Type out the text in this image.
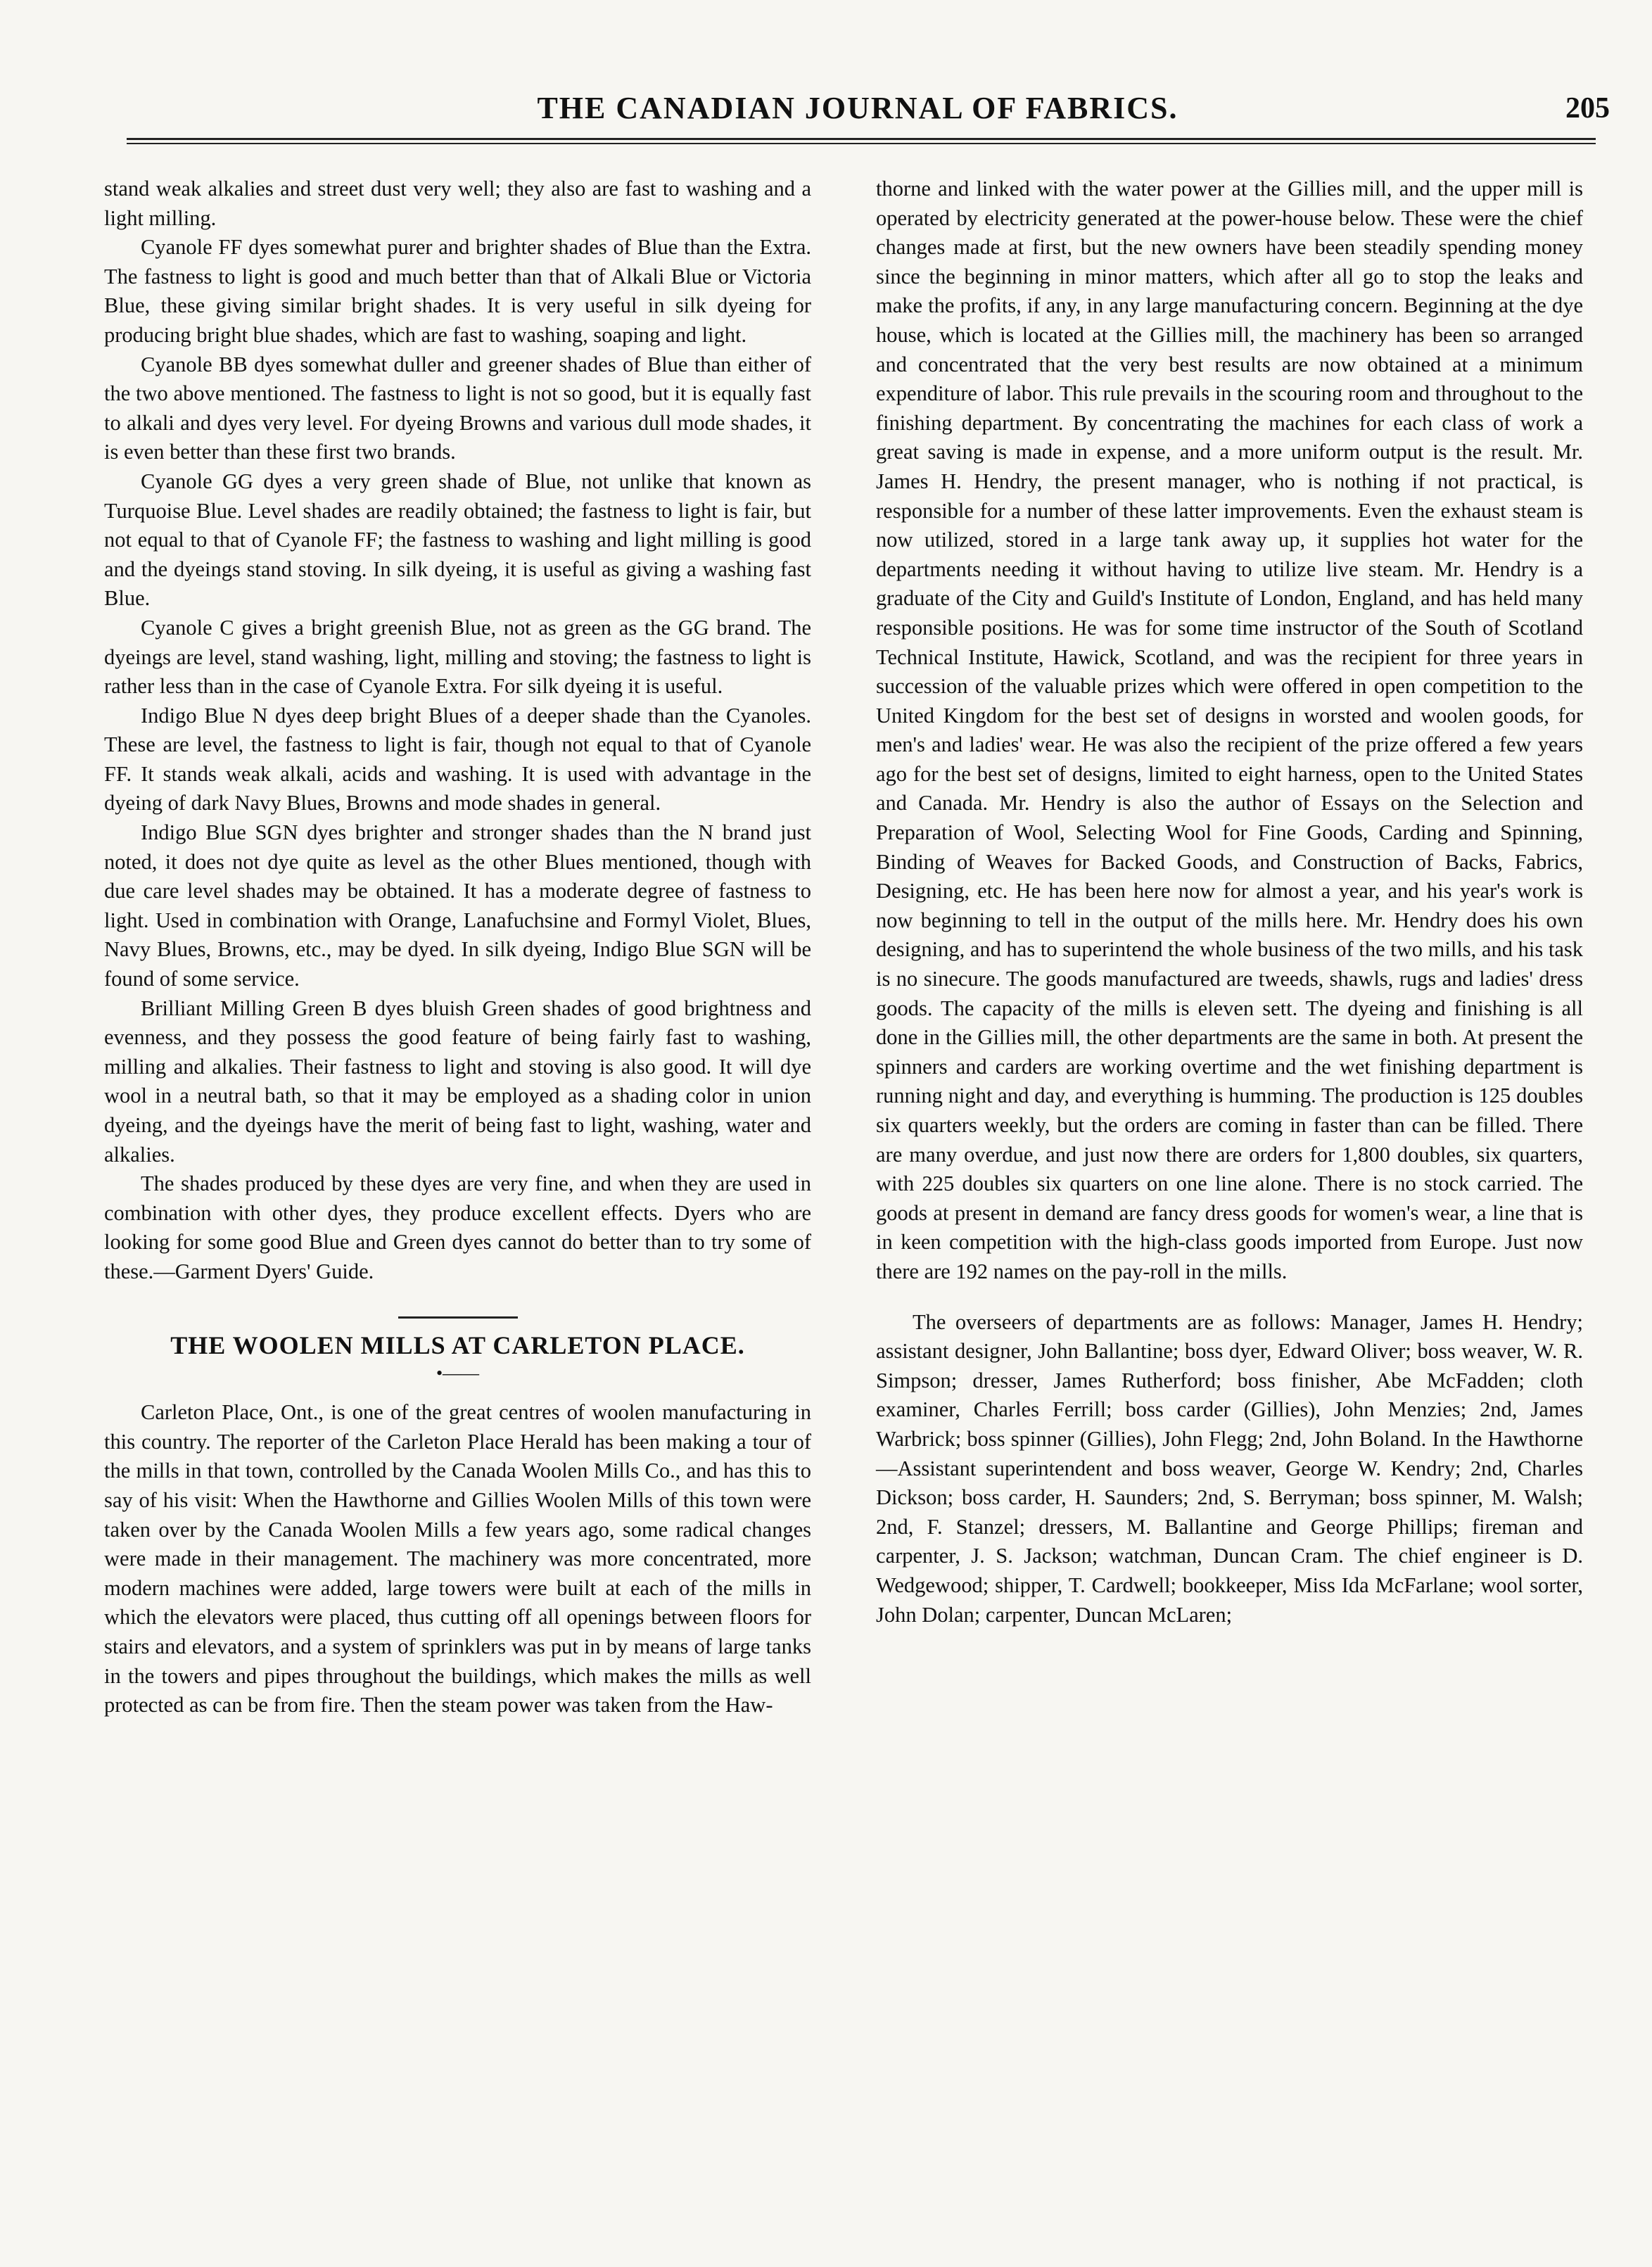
THE CANADIAN JOURNAL OF FABRICS.	205

stand weak alkalies and street dust very well; they also are fast to washing and a light milling.

Cyanole FF dyes somewhat purer and brighter shades of Blue than the Extra. The fastness to light is good and much better than that of Alkali Blue or Victoria Blue, these giving similar bright shades. It is very useful in silk dyeing for producing bright blue shades, which are fast to washing, soaping and light.

Cyanole BB dyes somewhat duller and greener shades of Blue than either of the two above mentioned. The fastness to light is not so good, but it is equally fast to alkali and dyes very level. For dyeing Browns and various dull mode shades, it is even better than these first two brands.

Cyanole GG dyes a very green shade of Blue, not unlike that known as Turquoise Blue. Level shades are readily obtained; the fastness to light is fair, but not equal to that of Cyanole FF; the fastness to washing and light milling is good and the dyeings stand stoving. In silk dyeing, it is useful as giving a washing fast Blue.

Cyanole C gives a bright greenish Blue, not as green as the GG brand. The dyeings are level, stand washing, light, milling and stoving; the fastness to light is rather less than in the case of Cyanole Extra. For silk dyeing it is useful.

Indigo Blue N dyes deep bright Blues of a deeper shade than the Cyanoles. These are level, the fastness to light is fair, though not equal to that of Cyanole FF. It stands weak alkali, acids and washing. It is used with advantage in the dyeing of dark Navy Blues, Browns and mode shades in general.

Indigo Blue SGN dyes brighter and stronger shades than the N brand just noted, it does not dye quite as level as the other Blues mentioned, though with due care level shades may be obtained. It has a moderate degree of fastness to light. Used in combination with Orange, Lanafuchsine and Formyl Violet, Blues, Navy Blues, Browns, etc., may be dyed. In silk dyeing, Indigo Blue SGN will be found of some service.

Brilliant Milling Green B dyes bluish Green shades of good brightness and evenness, and they possess the good feature of being fairly fast to washing, milling and alkalies. Their fastness to light and stoving is also good. It will dye wool in a neutral bath, so that it may be employed as a shading color in union dyeing, and the dyeings have the merit of being fast to light, washing, water and alkalies.

The shades produced by these dyes are very fine, and when they are used in combination with other dyes, they produce excellent effects. Dyers who are looking for some good Blue and Green dyes cannot do better than to try some of these.—Garment Dyers' Guide.

THE WOOLEN MILLS AT CARLETON PLACE.
•——

Carleton Place, Ont., is one of the great centres of woolen manufacturing in this country. The reporter of the Carleton Place Herald has been making a tour of the mills in that town, controlled by the Canada Woolen Mills Co., and has this to say of his visit: When the Hawthorne and Gillies Woolen Mills of this town were taken over by the Canada Woolen Mills a few years ago, some radical changes were made in their management. The machinery was more concentrated, more modern machines were added, large towers were built at each of the mills in which the elevators were placed, thus cutting off all openings between floors for stairs and elevators, and a system of sprinklers was put in by means of large tanks in the towers and pipes throughout the buildings, which makes the mills as well protected as can be from fire. Then the steam power was taken from the Haw-

thorne and linked with the water power at the Gillies mill, and the upper mill is operated by electricity generated at the power-house below. These were the chief changes made at first, but the new owners have been steadily spending money since the beginning in minor matters, which after all go to stop the leaks and make the profits, if any, in any large manufacturing concern. Beginning at the dye house, which is located at the Gillies mill, the machinery has been so arranged and concentrated that the very best results are now obtained at a minimum expenditure of labor. This rule prevails in the scouring room and throughout to the finishing department. By concentrating the machines for each class of work a great saving is made in expense, and a more uniform output is the result. Mr. James H. Hendry, the present manager, who is nothing if not practical, is responsible for a number of these latter improvements. Even the exhaust steam is now utilized, stored in a large tank away up, it supplies hot water for the departments needing it without having to utilize live steam. Mr. Hendry is a graduate of the City and Guild's Institute of London, England, and has held many responsible positions. He was for some time instructor of the South of Scotland Technical Institute, Hawick, Scotland, and was the recipient for three years in succession of the valuable prizes which were offered in open competition to the United Kingdom for the best set of designs in worsted and woolen goods, for men's and ladies' wear. He was also the recipient of the prize offered a few years ago for the best set of designs, limited to eight harness, open to the United States and Canada. Mr. Hendry is also the author of Essays on the Selection and Preparation of Wool, Selecting Wool for Fine Goods, Carding and Spinning, Binding of Weaves for Backed Goods, and Construction of Backs, Fabrics, Designing, etc. He has been here now for almost a year, and his year's work is now beginning to tell in the output of the mills here. Mr. Hendry does his own designing, and has to superintend the whole business of the two mills, and his task is no sinecure. The goods manufactured are tweeds, shawls, rugs and ladies' dress goods. The capacity of the mills is eleven sett. The dyeing and finishing is all done in the Gillies mill, the other departments are the same in both. At present the spinners and carders are working overtime and the wet finishing department is running night and day, and everything is humming. The production is 125 doubles six quarters weekly, but the orders are coming in faster than can be filled. There are many overdue, and just now there are orders for 1,800 doubles, six quarters, with 225 doubles six quarters on one line alone. There is no stock carried. The goods at present in demand are fancy dress goods for women's wear, a line that is in keen competition with the high-class goods imported from Europe. Just now there are 192 names on the pay-roll in the mills.

The overseers of departments are as follows: Manager, James H. Hendry; assistant designer, John Ballantine; boss dyer, Edward Oliver; boss weaver, W. R. Simpson; dresser, James Rutherford; boss finisher, Abe McFadden; cloth examiner, Charles Ferrill; boss carder (Gillies), John Menzies; 2nd, James Warbrick; boss spinner (Gillies), John Flegg; 2nd, John Boland. In the Hawthorne—Assistant superintendent and boss weaver, George W. Kendry; 2nd, Charles Dickson; boss carder, H. Saunders; 2nd, S. Berryman; boss spinner, M. Walsh; 2nd, F. Stanzel; dressers, M. Ballantine and George Phillips; fireman and carpenter, J. S. Jackson; watchman, Duncan Cram. The chief engineer is D. Wedgewood; shipper, T. Cardwell; bookkeeper, Miss Ida McFarlane; wool sorter, John Dolan; carpenter, Duncan McLaren;
